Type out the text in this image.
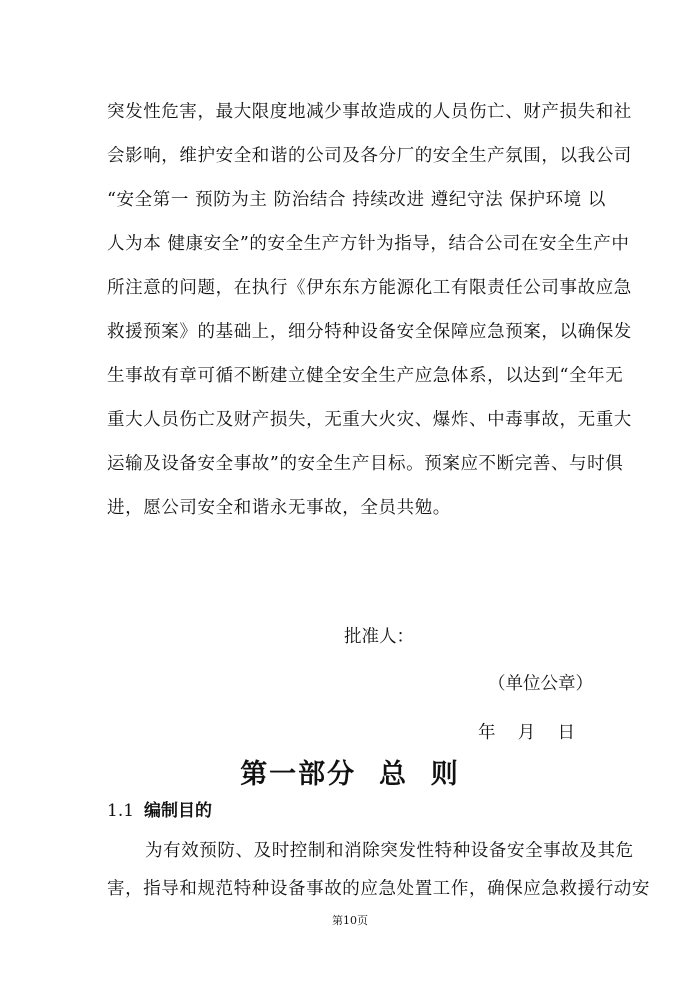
突发性危害，最大限度地减少事故造成的人员伤亡、财产损失和社
会影响，维护安全和谐的公司及各分厂的安全生产氛围，以我公司
“安全第一 预防为主 防治结合 持续改进 遵纪守法 保护环境 以
人为本 健康安全”的安全生产方针为指导，结合公司在安全生产中
所注意的问题，在执行《伊东东方能源化工有限责任公司事故应急
救援预案》的基础上，细分特种设备安全保障应急预案，以确保发
生事故有章可循不断建立健全安全生产应急体系，以达到“全年无
重大人员伤亡及财产损失，无重大火灾、爆炸、中毒事故，无重大
运输及设备安全事故”的安全生产目标。预案应不断完善、与时俱
进，愿公司安全和谐永无事故，全员共勉。
批准人：
（单位公章）
年    月    日
第一部分  总  则
1.1 编制目的
为有效预防、及时控制和消除突发性特种设备安全事故及其危
害，指导和规范特种设备事故的应急处置工作，确保应急救援行动安
第10页
